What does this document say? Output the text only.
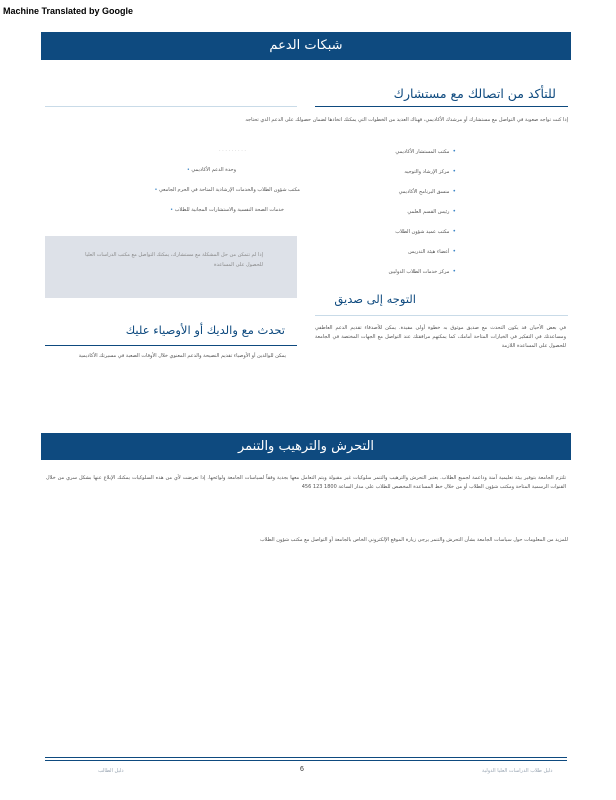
Machine Translated by Google
شبكات الدعم
للتأكد من اتصالك مع مستشارك
إذا كنت تواجه صعوبة في التواصل مع مستشارك أو مرشدك الأكاديمي، فهناك العديد من الخطوات التي يمكنك اتخاذها لضمان حصولك على الدعم الذي تحتاجه
. . . . . . . . .
وحدة الدعم الأكاديمي •
مكتب شؤون الطلاب والخدمات الإرشادية المتاحة في الحرم الجامعي •
خدمات الصحة النفسية والاستشارات المجانية للطلاب •
•مكتب المستشار الأكاديمي
•مركز الإرشاد والتوجيه
•منسق البرنامج الأكاديمي
•رئيس القسم العلمي
•مكتب عميد شؤون الطلاب
•أعضاء هيئة التدريس
•مركز خدمات الطلاب الدوليين
إذا لم تتمكن من حل المشكلة مع مستشارك، يمكنك التواصل مع مكتب الدراسات العليا للحصول على المساعدة
التوجه إلى صديق
في بعض الأحيان قد يكون التحدث مع صديق موثوق به خطوة أولى مفيدة. يمكن للأصدقاء تقديم الدعم العاطفي ومساعدتك في التفكير في الخيارات المتاحة أمامك، كما يمكنهم مرافقتك عند التواصل مع الجهات المختصة في الجامعة للحصول على المساعدة اللازمة
تحدث مع والديك أو الأوصياء عليك
يمكن للوالدين أو الأوصياء تقديم النصيحة والدعم المعنوي خلال الأوقات الصعبة في مسيرتك الأكاديمية
التحرش والترهيب والتنمر
تلتزم الجامعة بتوفير بيئة تعليمية آمنة وداعمة لجميع الطلاب. يعتبر التحرش والترهيب والتنمر سلوكيات غير مقبولة ويتم التعامل معها بجدية وفقاً لسياسات الجامعة ولوائحها. إذا تعرضت لأي من هذه السلوكيات يمكنك الإبلاغ عنها بشكل سري من خلال القنوات الرسمية المتاحة ومكتب شؤون الطلاب أو من خلال خط المساعدة المخصص للطلاب على مدار الساعة 1800 123 456
للمزيد من المعلومات حول سياسات الجامعة بشأن التحرش والتنمر يرجى زيارة الموقع الإلكتروني الخاص بالجامعة أو التواصل مع مكتب شؤون الطلاب
دليل الطالب	6	دليل طلاب الدراسات العليا الدولية
